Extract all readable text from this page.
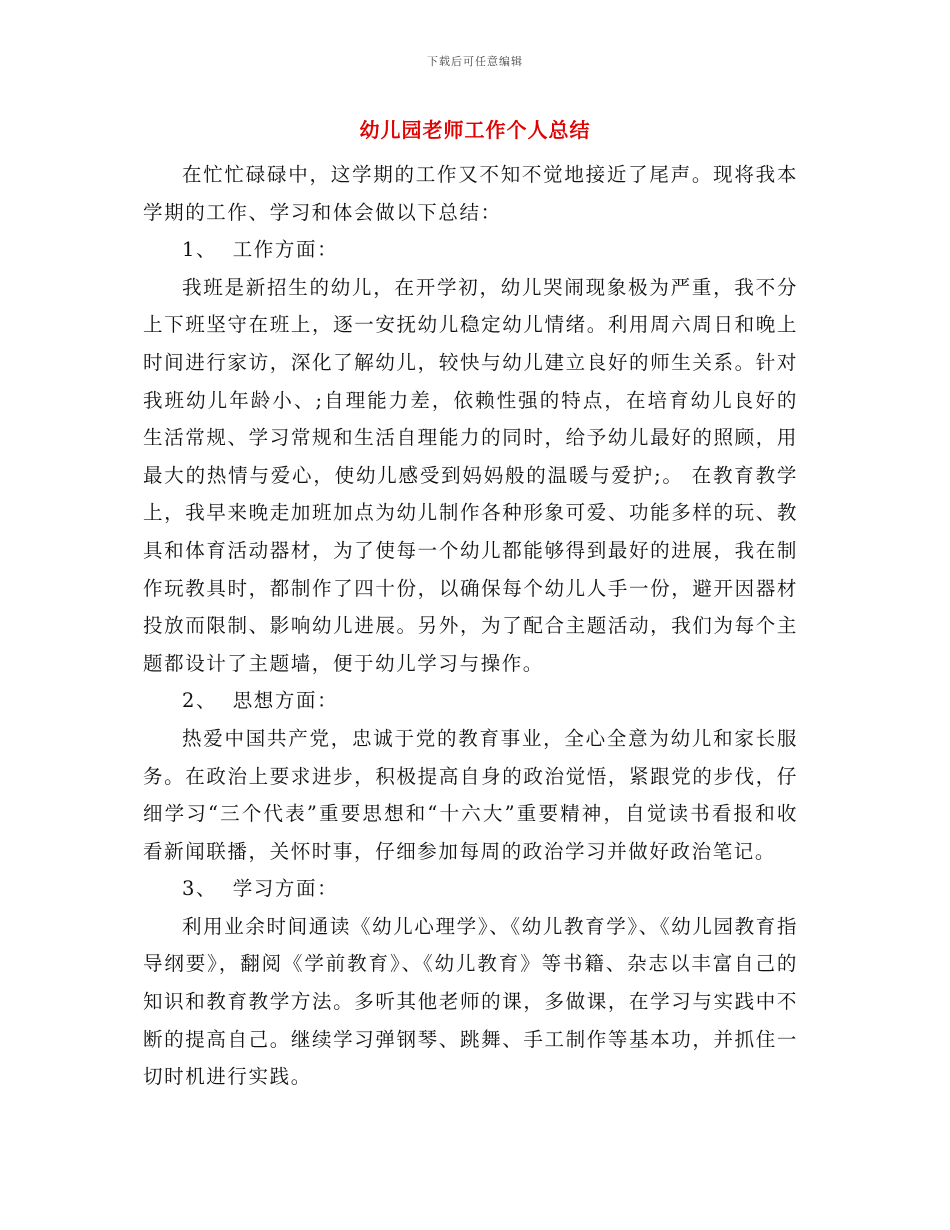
下载后可任意编辑
幼儿园老师工作个人总结

在忙忙碌碌中，这学期的工作又不知不觉地接近了尾声。现将我本学期的工作、学习和体会做以下总结：

1、 工作方面：

我班是新招生的幼儿，在开学初，幼儿哭闹现象极为严重，我不分上下班坚守在班上，逐一安抚幼儿稳定幼儿情绪。利用周六周日和晚上时间进行家访，深化了解幼儿，较快与幼儿建立良好的师生关系。针对我班幼儿年龄小、;自理能力差，依赖性强的特点，在培育幼儿良好的生活常规、学习常规和生活自理能力的同时，给予幼儿最好的照顾，用最大的热情与爱心，使幼儿感受到妈妈般的温暖与爱护;。 在教育教学上，我早来晚走加班加点为幼儿制作各种形象可爱、功能多样的玩、教具和体育活动器材，为了使每一个幼儿都能够得到最好的进展，我在制作玩教具时，都制作了四十份，以确保每个幼儿人手一份，避开因器材投放而限制、影响幼儿进展。另外，为了配合主题活动，我们为每个主题都设计了主题墙，便于幼儿学习与操作。

2、 思想方面：

热爱中国共产党，忠诚于党的教育事业，全心全意为幼儿和家长服务。在政治上要求进步，积极提高自身的政治觉悟，紧跟党的步伐，仔细学习“三个代表”重要思想和“十六大”重要精神，自觉读书看报和收看新闻联播，关怀时事，仔细参加每周的政治学习并做好政治笔记。

3、 学习方面：

利用业余时间通读《幼儿心理学》、《幼儿教育学》、《幼儿园教育指导纲要》，翻阅《学前教育》、《幼儿教育》等书籍、杂志以丰富自己的知识和教育教学方法。多听其他老师的课，多做课，在学习与实践中不断的提高自己。继续学习弹钢琴、跳舞、手工制作等基本功，并抓住一切时机进行实践。
